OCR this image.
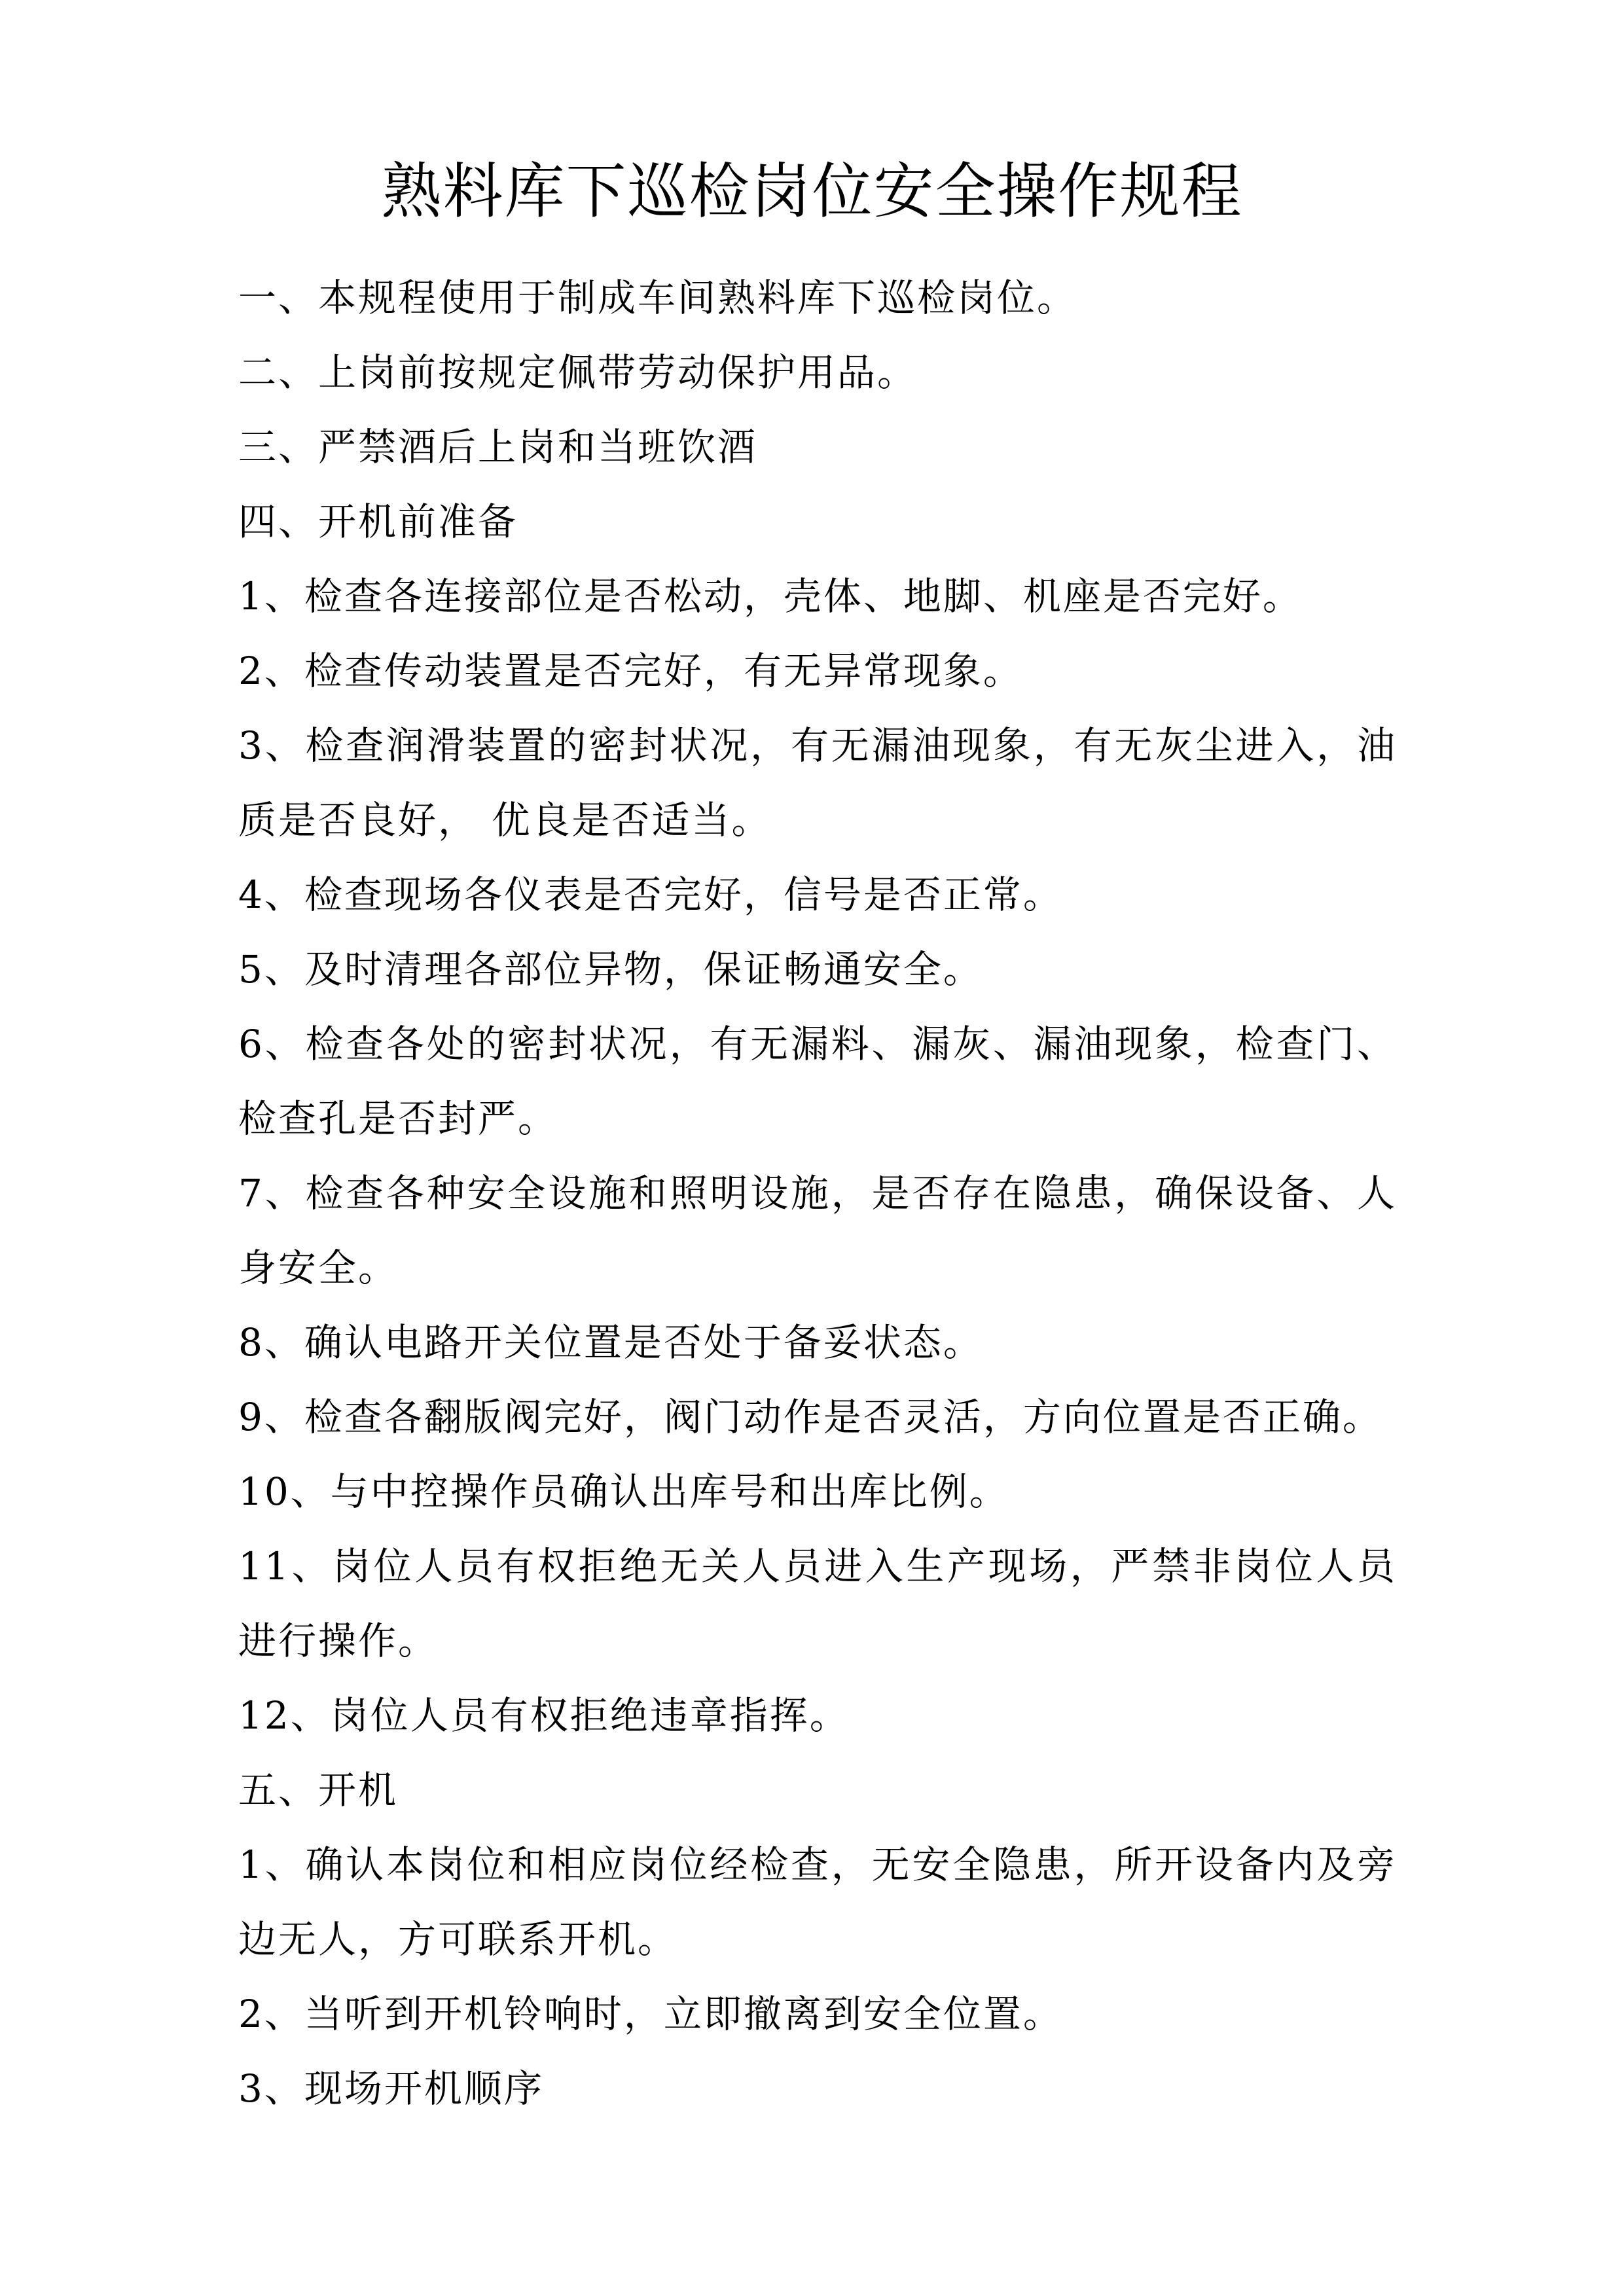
熟料库下巡检岗位安全操作规程

一、本规程使用于制成车间熟料库下巡检岗位。

二、上岗前按规定佩带劳动保护用品。

三、严禁酒后上岗和当班饮酒

四、开机前准备

1、检查各连接部位是否松动，壳体、地脚、机座是否完好。

2、检查传动装置是否完好，有无异常现象。

3、检查润滑装置的密封状况，有无漏油现象，有无灰尘进入，油质是否良好， 优良是否适当。

4、检查现场各仪表是否完好，信号是否正常。

5、及时清理各部位异物，保证畅通安全。

6、检查各处的密封状况，有无漏料、漏灰、漏油现象，检查门、检查孔是否封严。

7、检查各种安全设施和照明设施，是否存在隐患，确保设备、人身安全。

8、确认电路开关位置是否处于备妥状态。

9、检查各翻版阀完好，阀门动作是否灵活，方向位置是否正确。

10、与中控操作员确认出库号和出库比例。

11、岗位人员有权拒绝无关人员进入生产现场，严禁非岗位人员进行操作。

12、岗位人员有权拒绝违章指挥。

五、开机

1、确认本岗位和相应岗位经检查，无安全隐患，所开设备内及旁边无人，方可联系开机。

2、当听到开机铃响时，立即撤离到安全位置。

3、现场开机顺序
